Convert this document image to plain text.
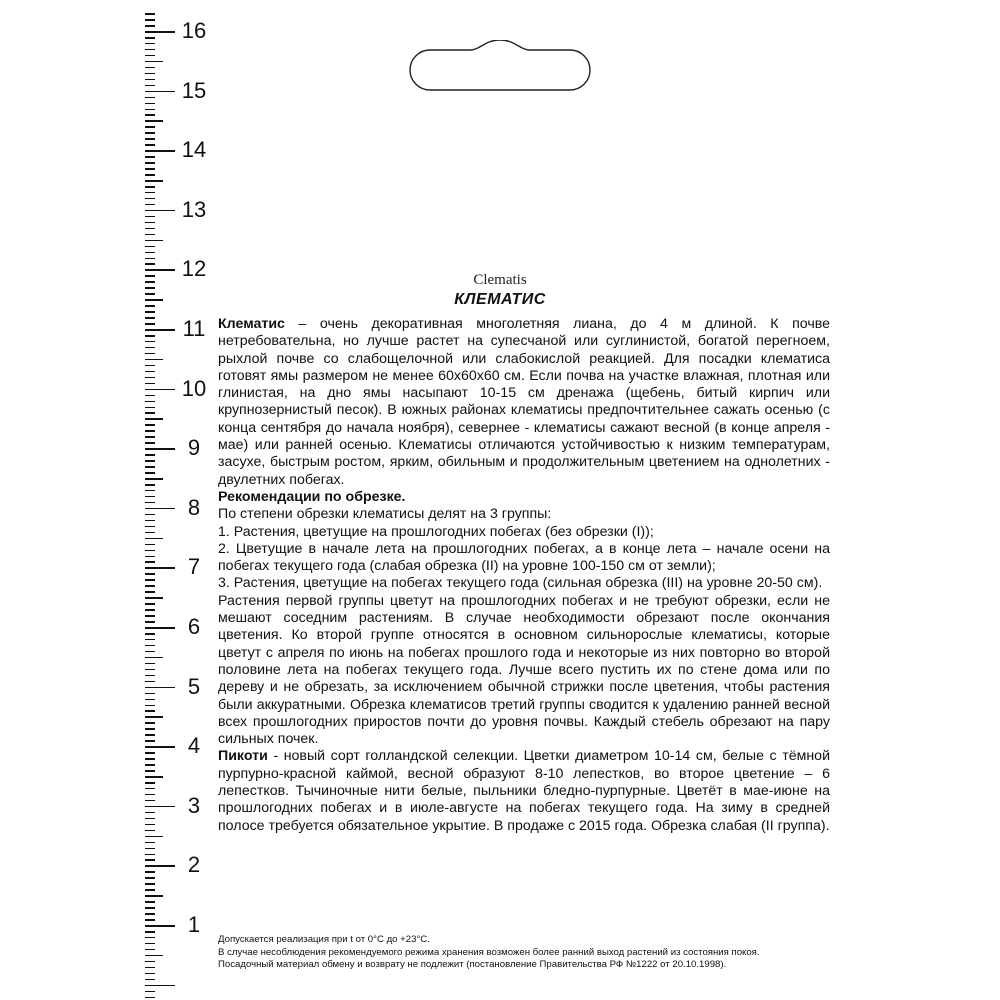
16
15
14
13
12
11
10
9
8
7
6
5
4
3
2
1
Clematis
КЛЕМАТИС

Клематис – очень декоративная многолетняя лиана, до 4 м длиной. К почве нетребовательна, но лучше растет на супесчаной или суглинистой, богатой перегноем, рыхлой почве со слабощелочной или слабокислой реакцией. Для посадки клематиса готовят ямы размером не менее 60х60х60 см. Если почва на участке влажная, плотная или глинистая, на дно ямы насыпают 10-15 см дренажа (щебень, битый кирпич или крупнозернистый песок). В южных районах клематисы предпочтительнее сажать осенью (с конца сентября до начала ноября), севернее - клематисы сажают весной (в конце апреля - мае) или ранней осенью. Клематисы отличаются устойчивостью к низким температурам, засухе, быстрым ростом, ярким, обильным и продолжительным цветением на однолетних - двулетних побегах.

Рекомендации по обрезке.

По степени обрезки клематисы делят на 3 группы:

1. Растения, цветущие на прошлогодних побегах (без обрезки (I));

2. Цветущие в начале лета на прошлогодних побегах, а в конце лета – начале осени на побегах текущего года (слабая обрезка (II) на уровне 100-150 см от земли);

3. Растения, цветущие на побегах текущего года (сильная обрезка (III) на уровне 20-50 см).

Растения первой группы цветут на прошлогодних побегах и не требуют обрезки, если не мешают соседним растениям. В случае необходимости обрезают после окончания цветения. Ко второй группе относятся в основном сильнорослые клематисы, которые цветут с апреля по июнь на побегах прошлого года и некоторые из них повторно во второй половине лета на побегах текущего года. Лучше всего пустить их по стене дома или по дереву и не обрезать, за исключением обычной стрижки после цветения, чтобы растения были аккуратными. Обрезка клематисов третий группы сводится к удалению ранней весной всех прошлогодних приростов почти до уровня почвы. Каждый стебель обрезают на пару сильных почек.

Пикоти - новый сорт голландской селекции. Цветки диаметром 10-14 см, белые с тёмной пурпурно-красной каймой, весной образуют 8-10 лепестков, во второе цветение – 6 лепестков. Тычиночные нити белые, пыльники бледно-пурпурные. Цветёт в мае-июне на прошлогодних побегах и в июле-августе на побегах текущего года. На зиму в средней полосе требуется обязательное укрытие. В продаже с 2015 года. Обрезка слабая (II группа).

Допускается реализация при t от 0°С до +23°С.
В случае несоблюдения рекомендуемого режима хранения возможен более ранний выход растений из состояния покоя.
Посадочный материал обмену и возврату не подлежит (постановление Правительства РФ №1222 от 20.10.1998).
